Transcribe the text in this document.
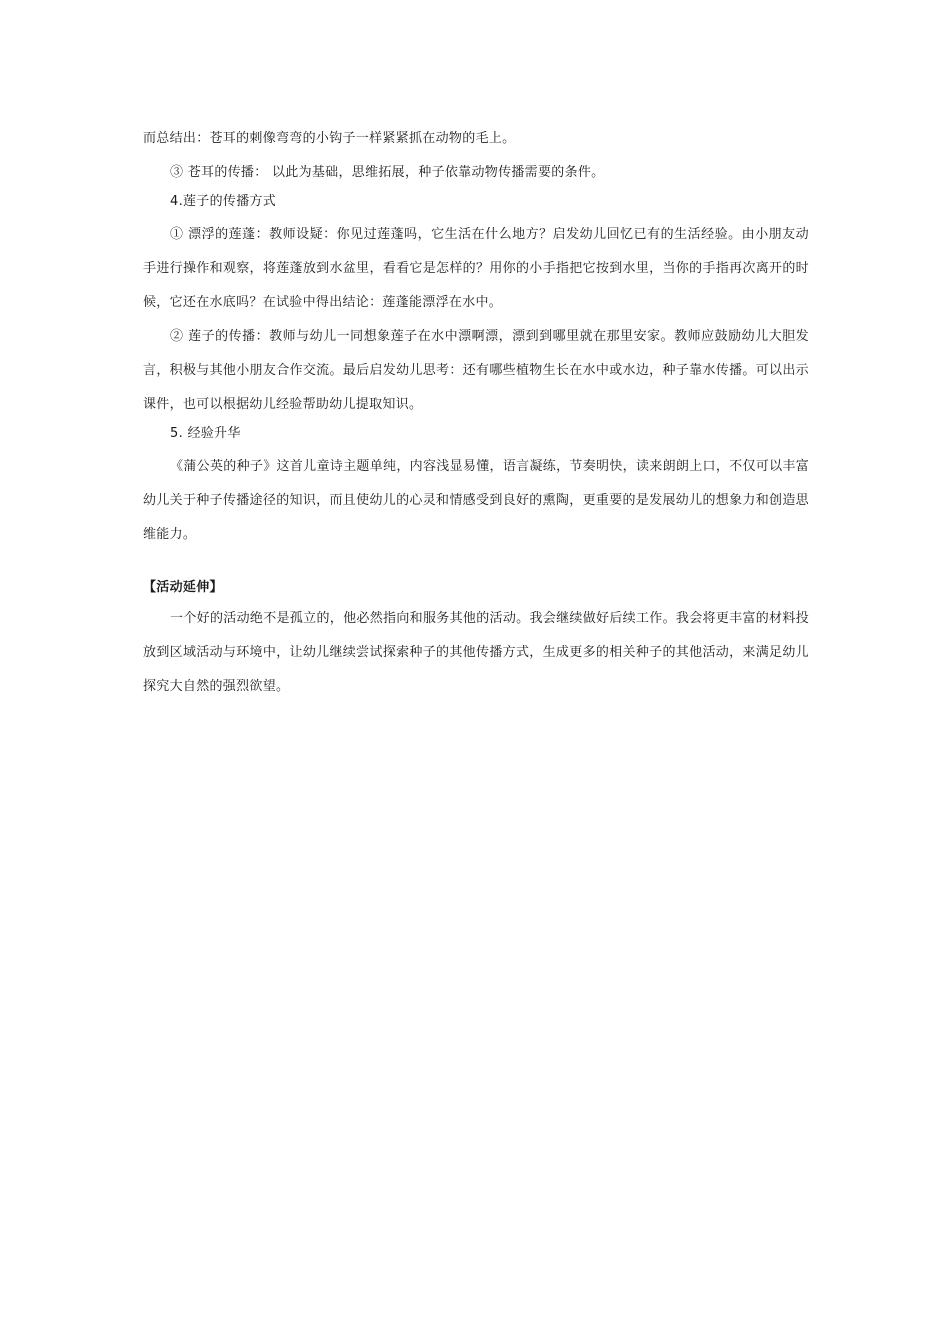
而总结出：苍耳的刺像弯弯的小钩子一样紧紧抓在动物的毛上。

③ 苍耳的传播： 以此为基础，思维拓展，种子依靠动物传播需要的条件。

4.莲子的传播方式

① 漂浮的莲蓬：教师设疑：你见过莲蓬吗，它生活在什么地方？启发幼儿回忆已有的生活经验。由小朋友动手进行操作和观察，将莲蓬放到水盆里，看看它是怎样的？用你的小手指把它按到水里，当你的手指再次离开的时候，它还在水底吗？在试验中得出结论：莲蓬能漂浮在水中。

② 莲子的传播：教师与幼儿一同想象莲子在水中漂啊漂，漂到到哪里就在那里安家。教师应鼓励幼儿大胆发言，积极与其他小朋友合作交流。最后启发幼儿思考：还有哪些植物生长在水中或水边，种子靠水传播。可以出示课件，也可以根据幼儿经验帮助幼儿提取知识。

5. 经验升华

《蒲公英的种子》这首儿童诗主题单纯，内容浅显易懂，语言凝练，节奏明快，读来朗朗上口，不仅可以丰富幼儿关于种子传播途径的知识，而且使幼儿的心灵和情感受到良好的熏陶，更重要的是发展幼儿的想象力和创造思维能力。

【活动延伸】

一个好的活动绝不是孤立的，他必然指向和服务其他的活动。我会继续做好后续工作。我会将更丰富的材料投放到区域活动与环境中，让幼儿继续尝试探索种子的其他传播方式，生成更多的相关种子的其他活动，来满足幼儿探究大自然的强烈欲望。
